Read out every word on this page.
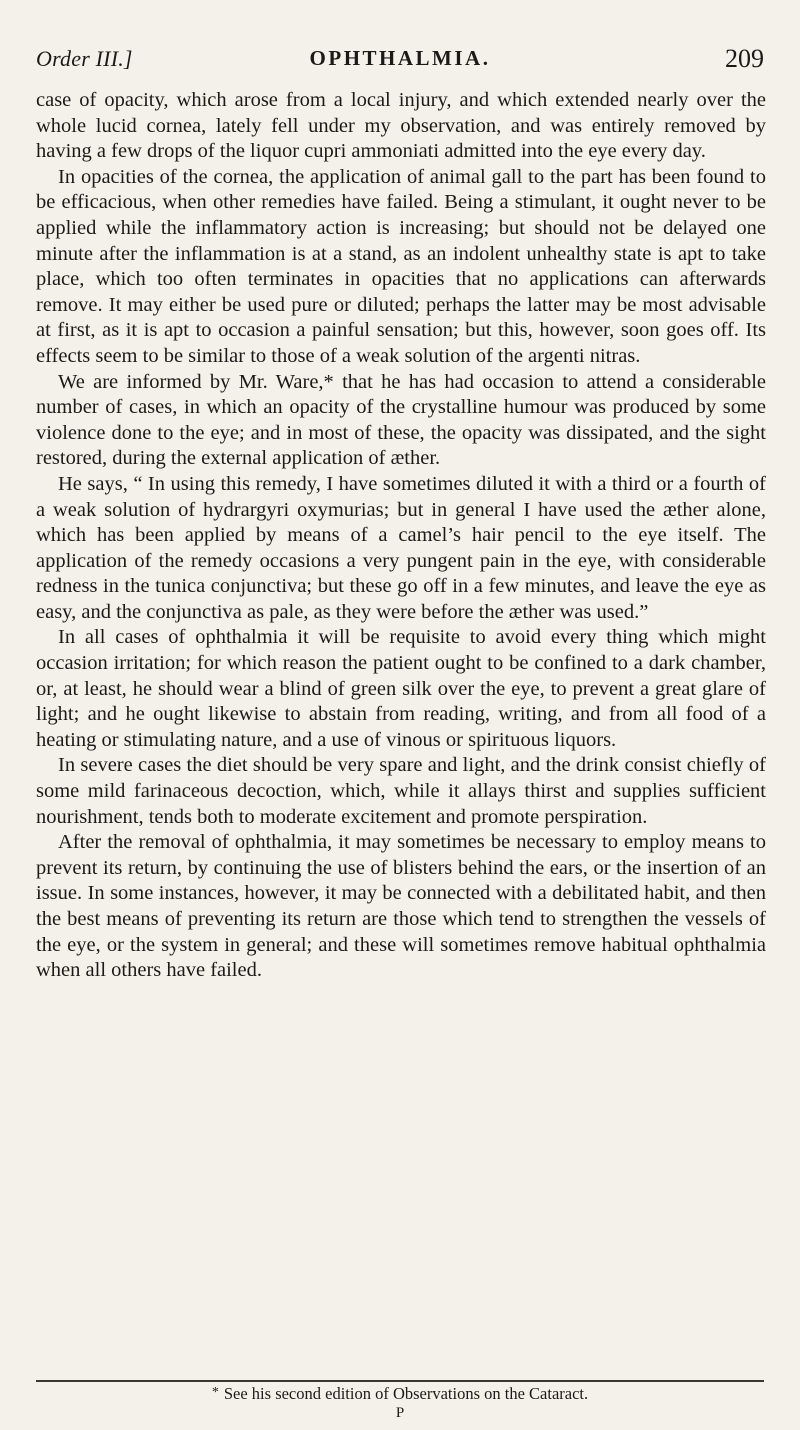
Order III.]	OPHTHALMIA.	209

case of opacity, which arose from a local injury, and which extended nearly over the whole lucid cornea, lately fell under my observation, and was entirely removed by having a few drops of the liquor cupri ammoniati admitted into the eye every day.

In opacities of the cornea, the application of animal gall to the part has been found to be efficacious, when other remedies have failed. Being a stimulant, it ought never to be applied while the inflammatory action is increasing; but should not be delayed one minute after the inflammation is at a stand, as an indolent unhealthy state is apt to take place, which too often terminates in opacities that no applications can afterwards remove. It may either be used pure or diluted; perhaps the latter may be most advisable at first, as it is apt to occasion a painful sensation; but this, however, soon goes off. Its effects seem to be similar to those of a weak solution of the argenti nitras.

We are informed by Mr. Ware,* that he has had occasion to attend a considerable number of cases, in which an opacity of the crystalline humour was produced by some violence done to the eye; and in most of these, the opacity was dissipated, and the sight restored, during the external application of æther.

He says, “ In using this remedy, I have sometimes diluted it with a third or a fourth of a weak solution of hydrargyri oxymurias; but in general I have used the æther alone, which has been applied by means of a camel’s hair pencil to the eye itself. The application of the remedy occasions a very pungent pain in the eye, with considerable redness in the tunica conjunctiva; but these go off in a few minutes, and leave the eye as easy, and the conjunctiva as pale, as they were before the æther was used.”

In all cases of ophthalmia it will be requisite to avoid every thing which might occasion irritation; for which reason the patient ought to be confined to a dark chamber, or, at least, he should wear a blind of green silk over the eye, to prevent a great glare of light; and he ought likewise to abstain from reading, writing, and from all food of a heating or stimulating nature, and a use of vinous or spirituous liquors.

In severe cases the diet should be very spare and light, and the drink consist chiefly of some mild farinaceous decoction, which, while it allays thirst and supplies sufficient nourishment, tends both to moderate excitement and promote perspiration.

After the removal of ophthalmia, it may sometimes be necessary to employ means to prevent its return, by continuing the use of blisters behind the ears, or the insertion of an issue. In some instances, however, it may be connected with a debilitated habit, and then the best means of preventing its return are those which tend to strengthen the vessels of the eye, or the system in general; and these will sometimes remove habitual ophthalmia when all others have failed.

* See his second edition of Observations on the Cataract.
P
